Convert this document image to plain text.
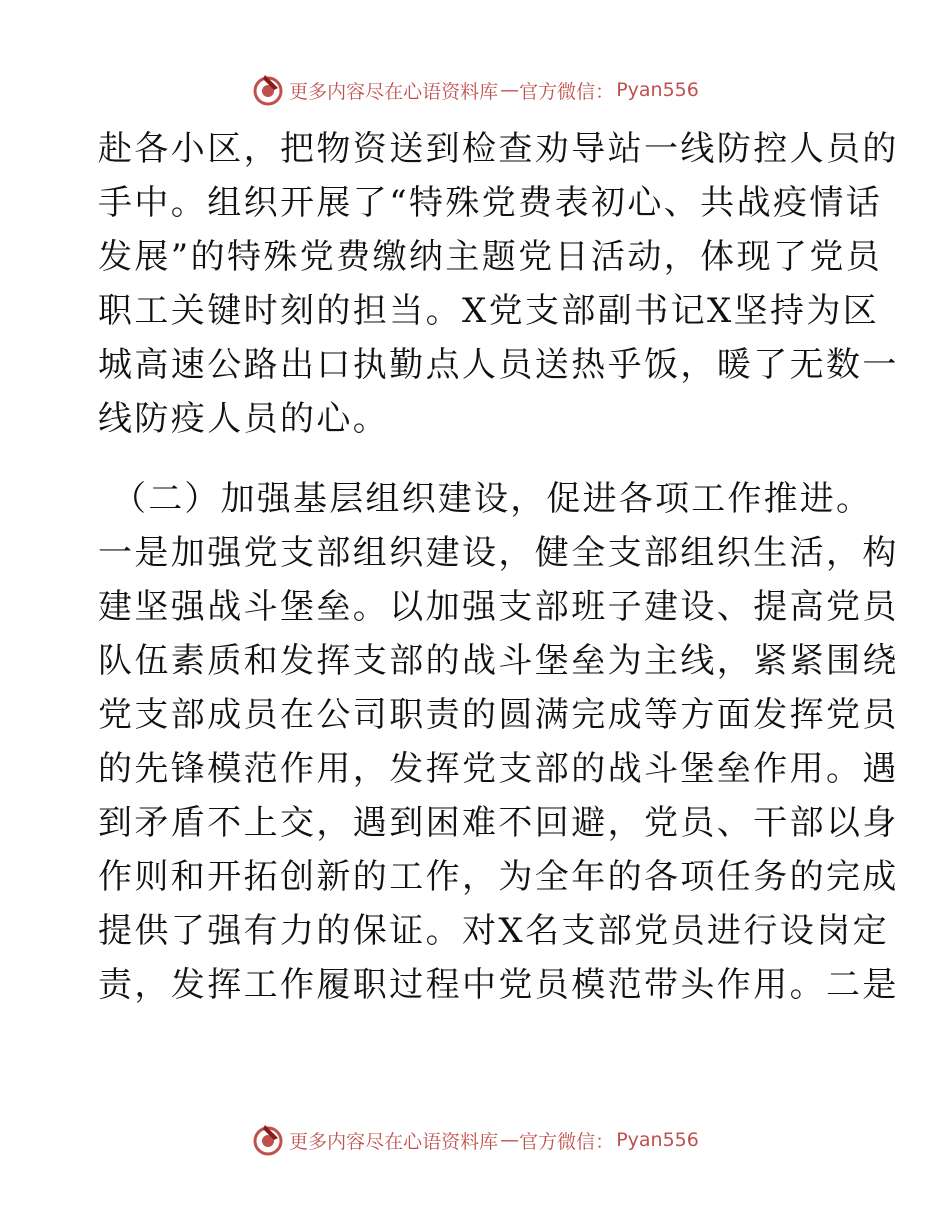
更多内容尽在心语资料库 — 官方微信： Pyan556
赴各小区，把物资送到检查劝导站一线防控人员的
手中。组织开展了“特殊党费表初心、共战疫情话
发展”的特殊党费缴纳主题党日活动，体现了党员
职工关键时刻的担当。X党支部副书记X坚持为区
城高速公路出口执勤点人员送热乎饭，暖了无数一
线防疫人员的心。
（二）加强基层组织建设，促进各项工作推进。
一是加强党支部组织建设，健全支部组织生活，构
建坚强战斗堡垒。以加强支部班子建设、提高党员
队伍素质和发挥支部的战斗堡垒为主线，紧紧围绕
党支部成员在公司职责的圆满完成等方面发挥党员
的先锋模范作用，发挥党支部的战斗堡垒作用。遇
到矛盾不上交，遇到困难不回避，党员、干部以身
作则和开拓创新的工作，为全年的各项任务的完成
提供了强有力的保证。对X名支部党员进行设岗定
责，发挥工作履职过程中党员模范带头作用。二是
更多内容尽在心语资料库 — 官方微信： Pyan556
